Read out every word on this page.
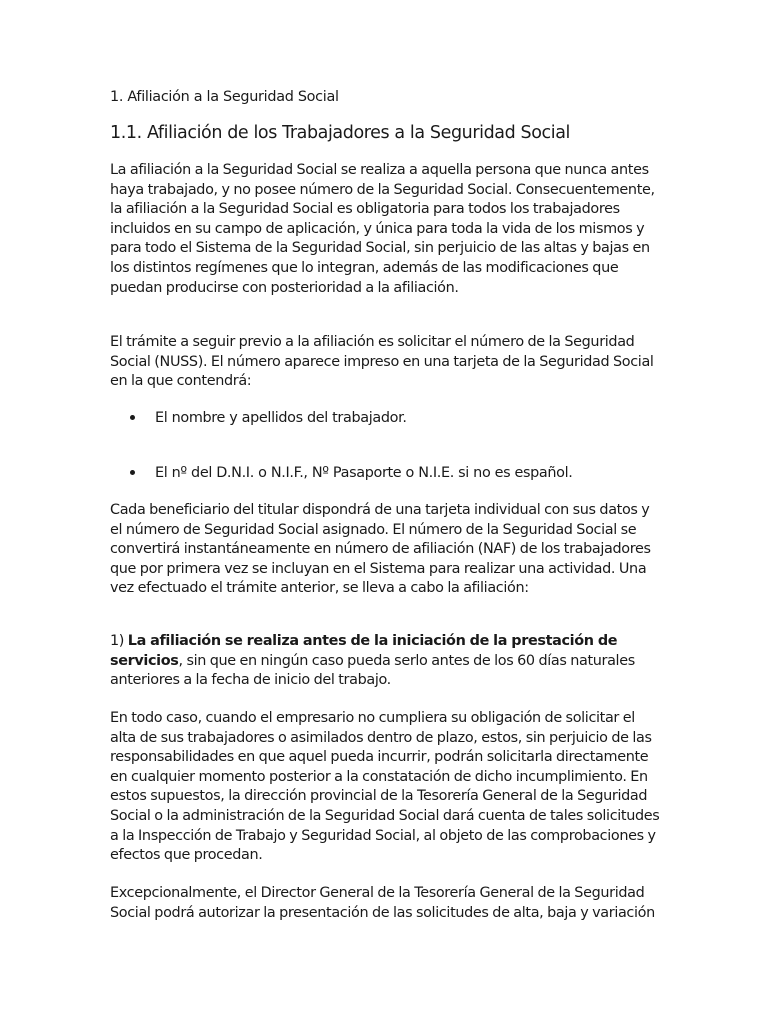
1. Afiliación a la Seguridad Social

1.1. Afiliación de los Trabajadores a la Seguridad Social

La afiliación a la Seguridad Social se realiza a aquella persona que nunca antes haya trabajado, y no posee número de la Seguridad Social. Consecuentemente, la afiliación a la Seguridad Social es obligatoria para todos los trabajadores incluidos en su campo de aplicación, y única para toda la vida de los mismos y para todo el Sistema de la Seguridad Social, sin perjuicio de las altas y bajas en los distintos regímenes que lo integran, además de las modificaciones que puedan producirse con posterioridad a la afiliación.

El trámite a seguir previo a la afiliación es solicitar el número de la Seguridad Social (NUSS). El número aparece impreso en una tarjeta de la Seguridad Social en la que contendrá:

El nombre y apellidos del trabajador.
El nº del D.N.I. o N.I.F., Nº Pasaporte o N.I.E. si no es español.

Cada beneficiario del titular dispondrá de una tarjeta individual con sus datos y el número de Seguridad Social asignado. El número de la Seguridad Social se convertirá instantáneamente en número de afiliación (NAF) de los trabajadores que por primera vez se incluyan en el Sistema para realizar una actividad. Una vez efectuado el trámite anterior, se lleva a cabo la afiliación:

1) La afiliación se realiza antes de la iniciación de la prestación de servicios, sin que en ningún caso pueda serlo antes de los 60 días naturales anteriores a la fecha de inicio del trabajo.

En todo caso, cuando el empresario no cumpliera su obligación de solicitar el alta de sus trabajadores o asimilados dentro de plazo, estos, sin perjuicio de las responsabilidades en que aquel pueda incurrir, podrán solicitarla directamente en cualquier momento posterior a la constatación de dicho incumplimiento. En estos supuestos, la dirección provincial de la Tesorería General de la Seguridad Social o la administración de la Seguridad Social dará cuenta de tales solicitudes a la Inspección de Trabajo y Seguridad Social, al objeto de las comprobaciones y efectos que procedan.

Excepcionalmente, el Director General de la Tesorería General de la Seguridad Social podrá autorizar la presentación de las solicitudes de alta, baja y variación
